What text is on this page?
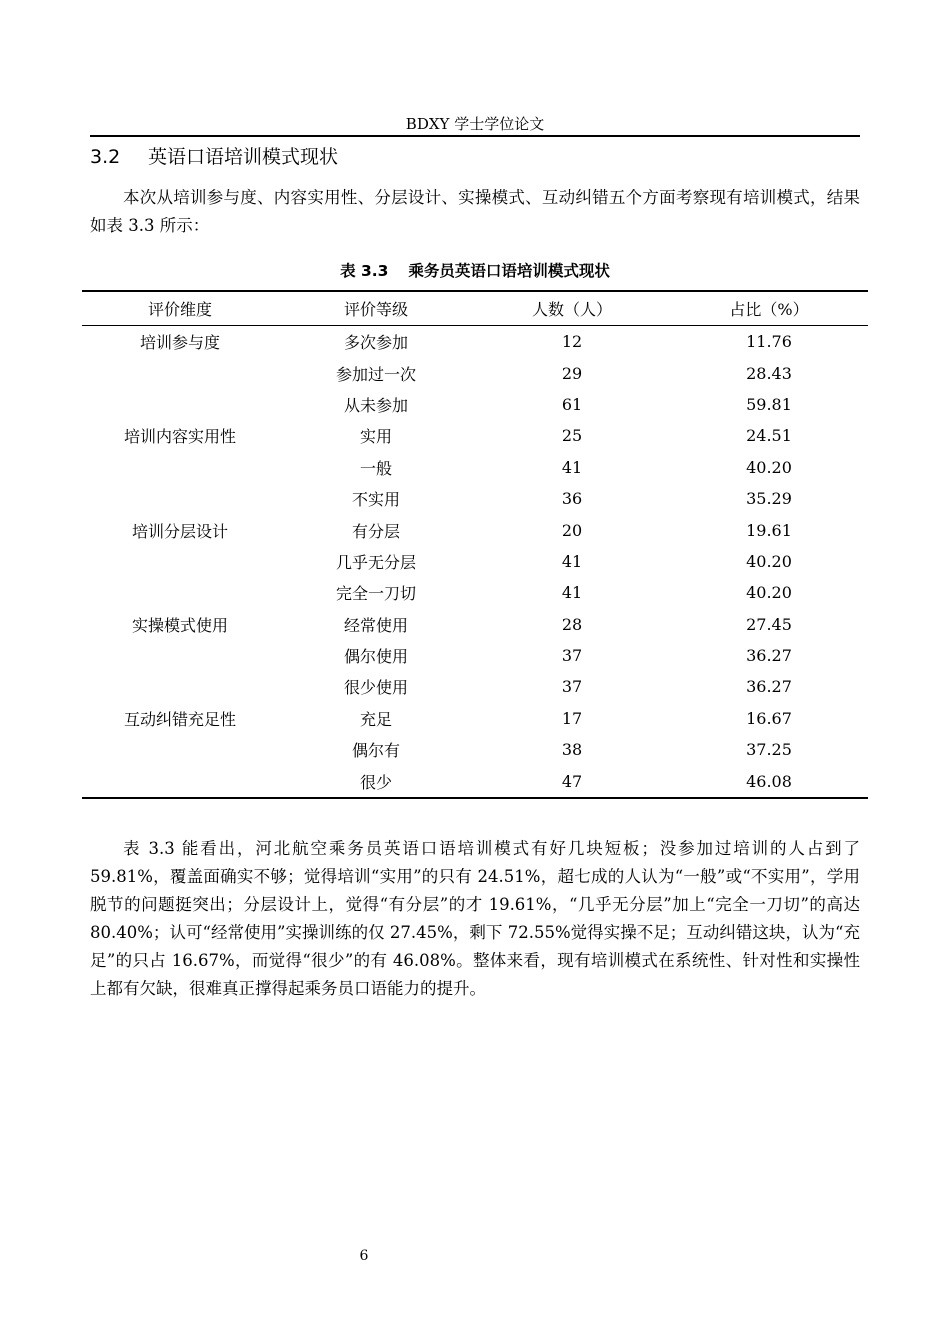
BDXY 学士学位论文
3.2 英语口语培训模式现状

本次从培训参与度、内容实用性、分层设计、实操模式、互动纠错五个方面考察现有培训模式，结果如表 3.3 所示：

表 3.3 乘务员英语口语培训模式现状
评价维度	评价等级	人数（人）	占比（%）
培训参与度	多次参加	12	11.76
	参加过一次	29	28.43
	从未参加	61	59.81
培训内容实用性	实用	25	24.51
	一般	41	40.20
	不实用	36	35.29
培训分层设计	有分层	20	19.61
	几乎无分层	41	40.20
	完全一刀切	41	40.20
实操模式使用	经常使用	28	27.45
	偶尔使用	37	36.27
	很少使用	37	36.27
互动纠错充足性	充足	17	16.67
	偶尔有	38	37.25
	很少	47	46.08

表 3.3 能看出，河北航空乘务员英语口语培训模式有好几块短板；没参加过培训的人占到了 59.81%，覆盖面确实不够；觉得培训“实用”的只有 24.51%，超七成的人认为“一般”或“不实用”，学用脱节的问题挺突出；分层设计上，觉得“有分层”的才 19.61%，“几乎无分层”加上“完全一刀切”的高达 80.40%；认可“经常使用”实操训练的仅 27.45%，剩下 72.55%觉得实操不足；互动纠错这块，认为“充足”的只占 16.67%，而觉得“很少”的有 46.08%。整体来看，现有培训模式在系统性、针对性和实操性上都有欠缺，很难真正撑得起乘务员口语能力的提升。

6
